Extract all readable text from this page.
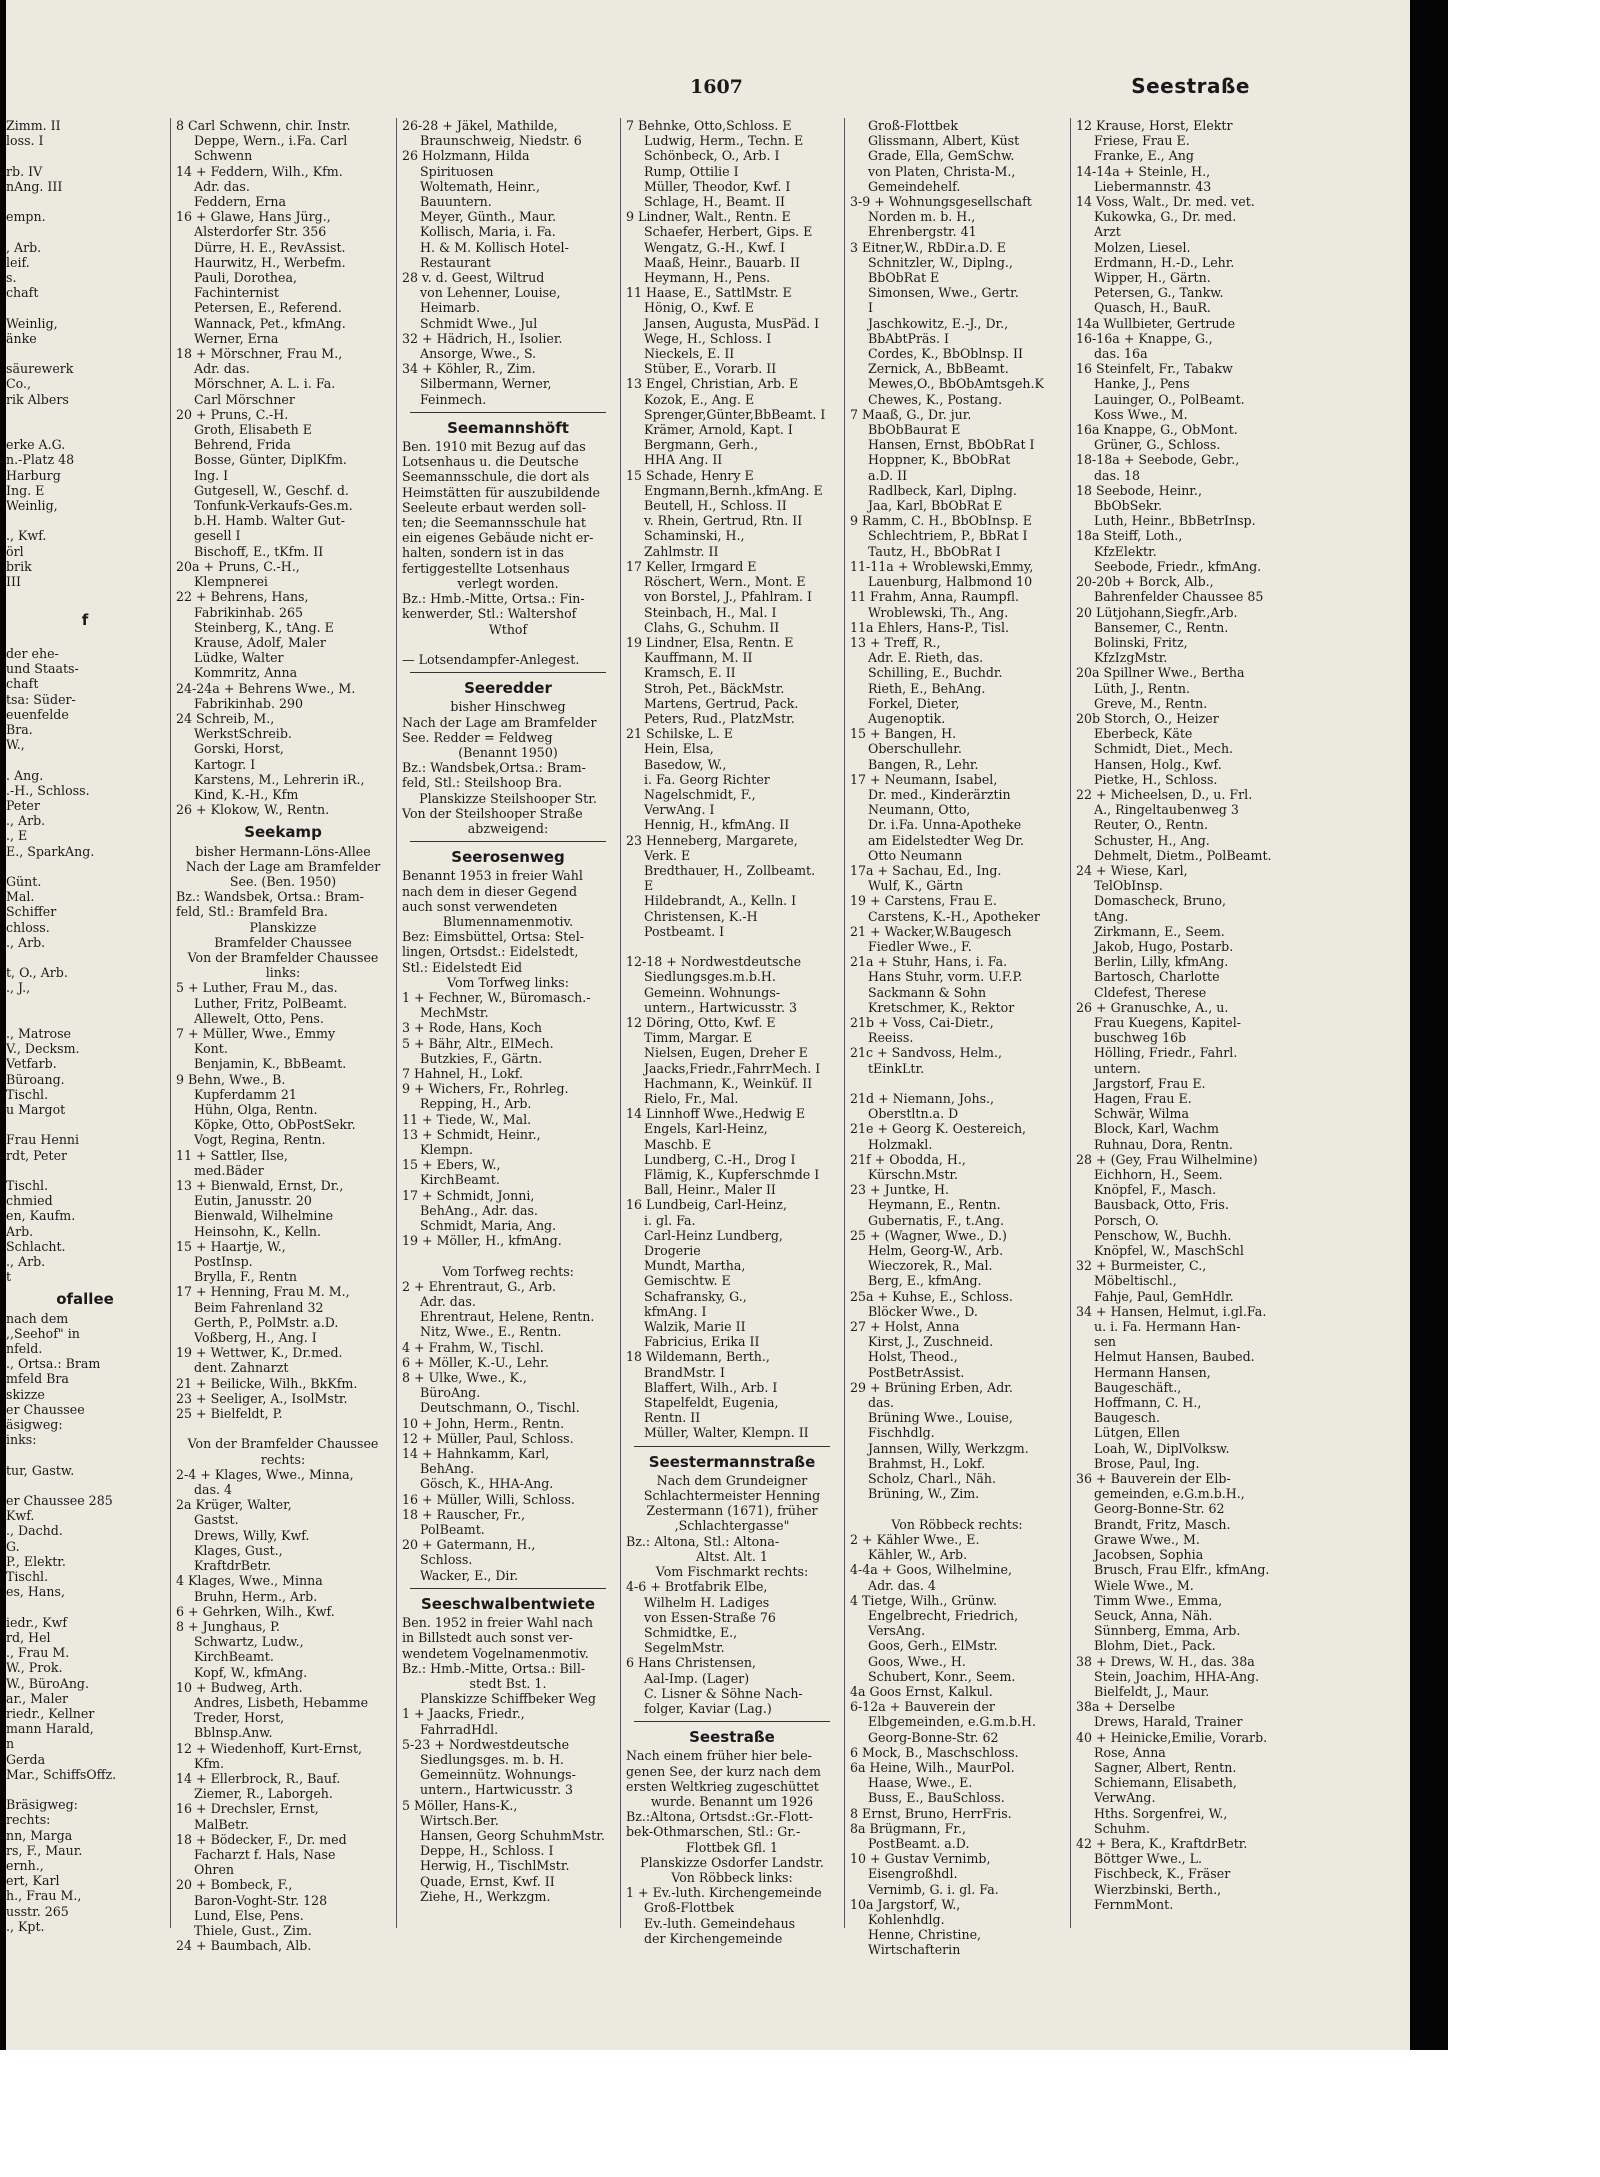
1607	Seestraße
Zimm. II
loss. I

rb. IV
nAng. III

empn.

, Arb.
leif.
s.
chaft

Weinlig,
änke

säurewerk
Co.,
rik Albers

erke A.G.
n.-Platz 48
Harburg
Ing. E
Weinlig,

., Kwf.
örl
brik
III

f

der ehe-
und Staats-
chaft
tsa: Süder-
euenfelde
Bra.
W.,

. Ang.
.-H., Schloss.
Peter
., Arb.
., E
E., SparkAng.

Günt.
Mal.
Schiffer
chloss.
., Arb.

t, O., Arb.
., J.,

., Matrose
V., Decksm.
Vetfarb.
Büroang.
Tischl.
u Margot

Frau Henni
rdt, Peter

Tischl.
chmied
en, Kaufm.
Arb.
Schlacht.
., Arb.
t
ofallee
nach dem
,,Seehof" in
nfeld.
., Ortsa.: Bram
mfeld Bra
skizze
er Chaussee
äsigweg:
inks:

tur, Gastw.

er Chaussee 285
Kwf.
., Dachd.
G.
P., Elektr.
Tischl.
es, Hans,

iedr., Kwf
rd, Hel
., Frau M.
W., Prok.
W., BüroAng.
ar., Maler
riedr., Kellner
mann Harald,
n
Gerda
Mar., SchiffsOffz.

Bräsigweg:
rechts:
nn, Marga
rs, F., Maur.
ernh.,
ert, Karl
h., Frau M.,
usstr. 265
., Kpt.
8 Carl Schwenn, chir. Instr.
Deppe, Wern., i.Fa. Carl
Schwenn
14 + Feddern, Wilh., Kfm.
Adr. das.
Feddern, Erna
16 + Glawe, Hans Jürg.,
Alsterdorfer Str. 356
Dürre, H. E., RevAssist.
Haurwitz, H., Werbefm.
Pauli, Dorothea,
Fachinternist
Petersen, E., Referend.
Wannack, Pet., kfmAng.
Werner, Erna
18 + Mörschner, Frau M.,
Adr. das.
Mörschner, A. L. i. Fa.
Carl Mörschner
20 + Pruns, C.-H.
Groth, Elisabeth E
Behrend, Frida
Bosse, Günter, DiplKfm.
Ing. I
Gutgesell, W., Geschf. d.
Tonfunk-Verkaufs-Ges.m.
b.H. Hamb. Walter Gut-
gesell I
Bischoff, E., tKfm. II
20a + Pruns, C.-H.,
Klempnerei
22 + Behrens, Hans,
Fabrikinhab. 265
Steinberg, K., tAng. E
Krause, Adolf, Maler
Lüdke, Walter
Kommritz, Anna
24-24a + Behrens Wwe., M.
Fabrikinhab. 290
24 Schreib, M.,
WerkstSchreib.
Gorski, Horst,
Kartogr. I
Karstens, M., Lehrerin iR.,
Kind, K.-H., Kfm
26 + Klokow, W., Rentn.
Seekamp
bisher Hermann-Löns-Allee
Nach der Lage am Bramfelder
See. (Ben. 1950)
Bz.: Wandsbek, Ortsa.: Bram-
feld, Stl.: Bramfeld Bra.
Planskizze
Bramfelder Chaussee
Von der Bramfelder Chaussee
links:
5 + Luther, Frau M., das.
Luther, Fritz, PolBeamt.
Allewelt, Otto, Pens.
7 + Müller, Wwe., Emmy
Kont.
Benjamin, K., BbBeamt.
9 Behn, Wwe., B.
Kupferdamm 21
Hühn, Olga, Rentn.
Köpke, Otto, ObPostSekr.
Vogt, Regina, Rentn.
11 + Sattler, Ilse,
med.Bäder
13 + Bienwald, Ernst, Dr.,
Eutin, Janusstr. 20
Bienwald, Wilhelmine
Heinsohn, K., Kelln.
15 + Haartje, W.,
PostInsp.
Brylla, F., Rentn
17 + Henning, Frau M. M.,
Beim Fahrenland 32
Gerth, P., PolMstr. a.D.
Voßberg, H., Ang. I
19 + Wettwer, K., Dr.med.
dent. Zahnarzt
21 + Beilicke, Wilh., BkKfm.
23 + Seeliger, A., IsolMstr.
25 + Bielfeldt, P.

Von der Bramfelder Chaussee
rechts:
2-4 + Klages, Wwe., Minna,
das. 4
2a Krüger, Walter,
Gastst.
Drews, Willy, Kwf.
Klages, Gust.,
KraftdrBetr.
4 Klages, Wwe., Minna
Bruhn, Herm., Arb.
6 + Gehrken, Wilh., Kwf.
8 + Junghaus, P.
Schwartz, Ludw.,
KirchBeamt.
Kopf, W., kfmAng.
10 + Budweg, Arth.
Andres, Lisbeth, Hebamme
Treder, Horst,
Bblnsp.Anw.
12 + Wiedenhoff, Kurt-Ernst,
Kfm.
14 + Ellerbrock, R., Bauf.
Ziemer, R., Laborgeh.
16 + Drechsler, Ernst,
MalBetr.
18 + Bödecker, F., Dr. med
Facharzt f. Hals, Nase
Ohren
20 + Bombeck, F.,
Baron-Voght-Str. 128
Lund, Else, Pens.
Thiele, Gust., Zim.
24 + Baumbach, Alb.
26-28 + Jäkel, Mathilde,
Braunschweig, Niedstr. 6
26 Holzmann, Hilda
Spirituosen
Woltemath, Heinr.,
Bauuntern.
Meyer, Günth., Maur.
Kollisch, Maria, i. Fa.
H. & M. Kollisch Hotel-
Restaurant
28 v. d. Geest, Wiltrud
von Lehenner, Louise,
Heimarb.
Schmidt Wwe., Jul
32 + Hädrich, H., Isolier.
Ansorge, Wwe., S.
34 + Köhler, R., Zim.
Silbermann, Werner,
Feinmech.
Seemannshöft
Ben. 1910 mit Bezug auf das
Lotsenhaus u. die Deutsche
Seemannsschule, die dort als
Heimstätten für auszubildende
Seeleute erbaut werden soll-
ten; die Seemannsschule hat
ein eigenes Gebäude nicht er-
halten, sondern ist in das
fertiggestellte Lotsenhaus
verlegt worden.
Bz.: Hmb.-Mitte, Ortsa.: Fin-
kenwerder, Stl.: Waltershof
Wthof

— Lotsendampfer-Anlegest.
Seeredder
bisher Hinschweg
Nach der Lage am Bramfelder
See. Redder = Feldweg
(Benannt 1950)
Bz.: Wandsbek,Ortsa.: Bram-
feld, Stl.: Steilshoop Bra.
Planskizze Steilshooper Str.
Von der Steilshooper Straße
abzweigend:
Seerosenweg
Benannt 1953 in freier Wahl
nach dem in dieser Gegend
auch sonst verwendeten
Blumennamenmotiv.
Bez: Eimsbüttel, Ortsa: Stel-
lingen, Ortsdst.: Eidelstedt,
Stl.: Eidelstedt Eid
Vom Torfweg links:
1 + Fechner, W., Büromasch.-
MechMstr.
3 + Rode, Hans, Koch
5 + Bähr, Altr., ElMech.
Butzkies, F., Gärtn.
7 Hahnel, H., Lokf.
9 + Wichers, Fr., Rohrleg.
Repping, H., Arb.
11 + Tiede, W., Mal.
13 + Schmidt, Heinr.,
Klempn.
15 + Ebers, W.,
KirchBeamt.
17 + Schmidt, Jonni,
BehAng., Adr. das.
Schmidt, Maria, Ang.
19 + Möller, H., kfmAng.

Vom Torfweg rechts:
2 + Ehrentraut, G., Arb.
Adr. das.
Ehrentraut, Helene, Rentn.
Nitz, Wwe., E., Rentn.
4 + Frahm, W., Tischl.
6 + Möller, K.-U., Lehr.
8 + Ulke, Wwe., K.,
BüroAng.
Deutschmann, O., Tischl.
10 + John, Herm., Rentn.
12 + Müller, Paul, Schloss.
14 + Hahnkamm, Karl,
BehAng.
Gösch, K., HHA-Ang.
16 + Müller, Willi, Schloss.
18 + Rauscher, Fr.,
PolBeamt.
20 + Gatermann, H.,
Schloss.
Wacker, E., Dir.
Seeschwalbentwiete
Ben. 1952 in freier Wahl nach
in Billstedt auch sonst ver-
wendetem Vogelnamenmotiv.
Bz.: Hmb.-Mitte, Ortsa.: Bill-
stedt Bst. 1.
Planskizze Schiffbeker Weg
1 + Jaacks, Friedr.,
FahrradHdl.
5-23 + Nordwestdeutsche
Siedlungsges. m. b. H.
Gemeinnütz. Wohnungs-
untern., Hartwicusstr. 3
5 Möller, Hans-K.,
Wirtsch.Ber.
Hansen, Georg SchuhmMstr.
Deppe, H., Schloss. I
Herwig, H., TischlMstr.
Quade, Ernst, Kwf. II
Ziehe, H., Werkzgm.
7 Behnke, Otto,Schloss. E
Ludwig, Herm., Techn. E
Schönbeck, O., Arb. I
Rump, Ottilie I
Müller, Theodor, Kwf. I
Schlage, H., Beamt. II
9 Lindner, Walt., Rentn. E
Schaefer, Herbert, Gips. E
Wengatz, G.-H., Kwf. I
Maaß, Heinr., Bauarb. II
Heymann, H., Pens.
11 Haase, E., SattlMstr. E
Hönig, O., Kwf. E
Jansen, Augusta, MusPäd. I
Wege, H., Schloss. I
Nieckels, E. II
Stüber, E., Vorarb. II
13 Engel, Christian, Arb. E
Kozok, E., Ang. E
Sprenger,Günter,BbBeamt. I
Krämer, Arnold, Kapt. I
Bergmann, Gerh.,
HHA Ang. II
15 Schade, Henry E
Engmann,Bernh.,kfmAng. E
Beutell, H., Schloss. II
v. Rhein, Gertrud, Rtn. II
Schaminski, H.,
Zahlmstr. II
17 Keller, Irmgard E
Röschert, Wern., Mont. E
von Borstel, J., Pfahlram. I
Steinbach, H., Mal. I
Clahs, G., Schuhm. II
19 Lindner, Elsa, Rentn. E
Kauffmann, M. II
Kramsch, E. II
Stroh, Pet., BäckMstr.
Martens, Gertrud, Pack.
Peters, Rud., PlatzMstr.
21 Schilske, L. E
Hein, Elsa,
Basedow, W.,
i. Fa. Georg Richter
Nagelschmidt, F.,
VerwAng. I
Hennig, H., kfmAng. II
23 Henneberg, Margarete,
Verk. E
Bredthauer, H., Zollbeamt.
E
Hildebrandt, A., Kelln. I
Christensen, K.-H
Postbeamt. I

12-18 + Nordwestdeutsche
Siedlungsges.m.b.H.
Gemeinn. Wohnungs-
untern., Hartwicusstr. 3
12 Döring, Otto, Kwf. E
Timm, Margar. E
Nielsen, Eugen, Dreher E
Jaacks,Friedr.,FahrrMech. I
Hachmann, K., Weinküf. II
Rielo, Fr., Mal.
14 Linnhoff Wwe.,Hedwig E
Engels, Karl-Heinz,
Maschb. E
Lundberg, C.-H., Drog I
Flämig, K., Kupferschmde I
Ball, Heinr., Maler II
16 Lundbeig, Carl-Heinz,
i. gl. Fa.
Carl-Heinz Lundberg,
Drogerie
Mundt, Martha,
Gemischtw. E
Schafransky, G.,
kfmAng. I
Walzik, Marie II
Fabricius, Erika II
18 Wildemann, Berth.,
BrandMstr. I
Blaffert, Wilh., Arb. I
Stapelfeldt, Eugenia,
Rentn. II
Müller, Walter, Klempn. II
Seestermannstraße
Nach dem Grundeigner
Schlachtermeister Henning
Zestermann (1671), früher
,Schlachtergasse"
Bz.: Altona, Stl.: Altona-
Altst. Alt. 1
Vom Fischmarkt rechts:
4-6 + Brotfabrik Elbe,
Wilhelm H. Ladiges
von Essen-Straße 76
Schmidtke, E.,
SegelmMstr.
6 Hans Christensen,
Aal-Imp. (Lager)
C. Lisner & Söhne Nach-
folger, Kaviar (Lag.)
Seestraße
Nach einem früher hier bele-
genen See, der kurz nach dem
ersten Weltkrieg zugeschüttet
wurde. Benannt um 1926
Bz.:Altona, Ortsdst.:Gr.-Flott-
bek-Othmarschen, Stl.: Gr.-
Flottbek Gfl. 1
Planskizze Osdorfer Landstr.
Von Röbbeck links:
1 + Ev.-luth. Kirchengemeinde
Groß-Flottbek
Ev.-luth. Gemeindehaus
der Kirchengemeinde
Groß-Flottbek
Glissmann, Albert, Küst
Grade, Ella, GemSchw.
von Platen, Christa-M.,
Gemeindehelf.
3-9 + Wohnungsgesellschaft
Norden m. b. H.,
Ehrenbergstr. 41
3 Eitner,W., RbDir.a.D. E
Schnitzler, W., Diplng.,
BbObRat E
Simonsen, Wwe., Gertr.
I
Jaschkowitz, E.-J., Dr.,
BbAbtPräs. I
Cordes, K., BbOblnsp. II
Zernick, A., BbBeamt.
Mewes,O., BbObAmtsgeh.K
Chewes, K., Postang.
7 Maaß, G., Dr. jur.
BbObBaurat E
Hansen, Ernst, BbObRat I
Hoppner, K., BbObRat
a.D. II
Radlbeck, Karl, Diplng.
Jaa, Karl, BbObRat E
9 Ramm, C. H., BbObInsp. E
Schlechtriem, P., BbRat I
Tautz, H., BbObRat I
11-11a + Wroblewski,Emmy,
Lauenburg, Halbmond 10
11 Frahm, Anna, Raumpfl.
Wroblewski, Th., Ang.
11a Ehlers, Hans-P., Tisl.
13 + Treff, R.,
Adr. E. Rieth, das.
Schilling, E., Buchdr.
Rieth, E., BehAng.
Forkel, Dieter,
Augenoptik.
15 + Bangen, H.
Oberschullehr.
Bangen, R., Lehr.
17 + Neumann, Isabel,
Dr. med., Kinderärztin
Neumann, Otto,
Dr. i.Fa. Unna-Apotheke
am Eidelstedter Weg Dr.
Otto Neumann
17a + Sachau, Ed., Ing.
Wulf, K., Gärtn
19 + Carstens, Frau E.
Carstens, K.-H., Apotheker
21 + Wacker,W.Baugesch
Fiedler Wwe., F.
21a + Stuhr, Hans, i. Fa.
Hans Stuhr, vorm. U.F.P.
Sackmann & Sohn
Kretschmer, K., Rektor
21b + Voss, Cai-Dietr.,
Reeiss.
21c + Sandvoss, Helm.,
tEinkLtr.

21d + Niemann, Johs.,
Oberstltn.a. D
21e + Georg K. Oestereich,
Holzmakl.
21f + Obodda, H.,
Kürschn.Mstr.
23 + Juntke, H.
Heymann, E., Rentn.
Gubernatis, F., t.Ang.
25 + (Wagner, Wwe., D.)
Helm, Georg-W., Arb.
Wieczorek, R., Mal.
Berg, E., kfmAng.
25a + Kuhse, E., Schloss.
Blöcker Wwe., D.
27 + Holst, Anna
Kirst, J., Zuschneid.
Holst, Theod.,
PostBetrAssist.
29 + Brüning Erben, Adr.
das.
Brüning Wwe., Louise,
Fischhdlg.
Jannsen, Willy, Werkzgm.
Brahmst, H., Lokf.
Scholz, Charl., Näh.
Brüning, W., Zim.

Von Röbbeck rechts:
2 + Kähler Wwe., E.
Kähler, W., Arb.
4-4a + Goos, Wilhelmine,
Adr. das. 4
4 Tietge, Wilh., Grünw.
Engelbrecht, Friedrich,
VersAng.
Goos, Gerh., ElMstr.
Goos, Wwe., H.
Schubert, Konr., Seem.
4a Goos Ernst, Kalkul.
6-12a + Bauverein der
Elbgemeinden, e.G.m.b.H.
Georg-Bonne-Str. 62
6 Mock, B., Maschschloss.
6a Heine, Wilh., MaurPol.
Haase, Wwe., E.
Buss, E., BauSchloss.
8 Ernst, Bruno, HerrFris.
8a Brügmann, Fr.,
PostBeamt. a.D.
10 + Gustav Vernimb,
Eisengroßhdl.
Vernimb, G. i. gl. Fa.
10a Jargstorf, W.,
Kohlenhdlg.
Henne, Christine,
Wirtschafterin
12 Krause, Horst, Elektr
Friese, Frau E.
Franke, E., Ang
14-14a + Steinle, H.,
Liebermannstr. 43
14 Voss, Walt., Dr. med. vet.
Kukowka, G., Dr. med.
Arzt
Molzen, Liesel.
Erdmann, H.-D., Lehr.
Wipper, H., Gärtn.
Petersen, G., Tankw.
Quasch, H., BauR.
14a Wullbieter, Gertrude
16-16a + Knappe, G.,
das. 16a
16 Steinfelt, Fr., Tabakw
Hanke, J., Pens
Lauinger, O., PolBeamt.
Koss Wwe., M.
16a Knappe, G., ObMont.
Grüner, G., Schloss.
18-18a + Seebode, Gebr.,
das. 18
18 Seebode, Heinr.,
BbObSekr.
Luth, Heinr., BbBetrInsp.
18a Steiff, Loth.,
KfzElektr.
Seebode, Friedr., kfmAng.
20-20b + Borck, Alb.,
Bahrenfelder Chaussee 85
20 Lütjohann,Siegfr.,Arb.
Bansemer, C., Rentn.
Bolinski, Fritz,
KfzIzgMstr.
20a Spillner Wwe., Bertha
Lüth, J., Rentn.
Greve, M., Rentn.
20b Storch, O., Heizer
Eberbeck, Käte
Schmidt, Diet., Mech.
Hansen, Holg., Kwf.
Pietke, H., Schloss.
22 + Micheelsen, D., u. Frl.
A., Ringeltaubenweg 3
Reuter, O., Rentn.
Schuster, H., Ang.
Dehmelt, Dietm., PolBeamt.
24 + Wiese, Karl,
TelObInsp.
Domascheck, Bruno,
tAng.
Zirkmann, E., Seem.
Jakob, Hugo, Postarb.
Berlin, Lilly, kfmAng.
Bartosch, Charlotte
Cldefest, Therese
26 + Granuschke, A., u.
Frau Kuegens, Kapitel-
buschweg 16b
Hölling, Friedr., Fahrl.
untern.
Jargstorf, Frau E.
Hagen, Frau E.
Schwär, Wilma
Block, Karl, Wachm
Ruhnau, Dora, Rentn.
28 + (Gey, Frau Wilhelmine)
Eichhorn, H., Seem.
Knöpfel, F., Masch.
Bausback, Otto, Fris.
Porsch, O.
Penschow, W., Buchh.
Knöpfel, W., MaschSchl
32 + Burmeister, C.,
Möbeltischl.,
Fahje, Paul, GemHdlr.
34 + Hansen, Helmut, i.gl.Fa.
u. i. Fa. Hermann Han-
sen
Helmut Hansen, Baubed.
Hermann Hansen,
Baugeschäft.,
Hoffmann, C. H.,
Baugesch.
Lütgen, Ellen
Loah, W., DiplVolksw.
Brose, Paul, Ing.
36 + Bauverein der Elb-
gemeinden, e.G.m.b.H.,
Georg-Bonne-Str. 62
Brandt, Fritz, Masch.
Grawe Wwe., M.
Jacobsen, Sophia
Brusch, Frau Elfr., kfmAng.
Wiele Wwe., M.
Timm Wwe., Emma,
Seuck, Anna, Näh.
Sünnberg, Emma, Arb.
Blohm, Diet., Pack.
38 + Drews, W. H., das. 38a
Stein, Joachim, HHA-Ang.
Bielfeldt, J., Maur.
38a + Derselbe
Drews, Harald, Trainer
40 + Heinicke,Emilie, Vorarb.
Rose, Anna
Sagner, Albert, Rentn.
Schiemann, Elisabeth,
VerwAng.
Hths. Sorgenfrei, W.,
Schuhm.
42 + Bera, K., KraftdrBetr.
Böttger Wwe., L.
Fischbeck, K., Fräser
Wierzbinski, Berth.,
FernmMont.
